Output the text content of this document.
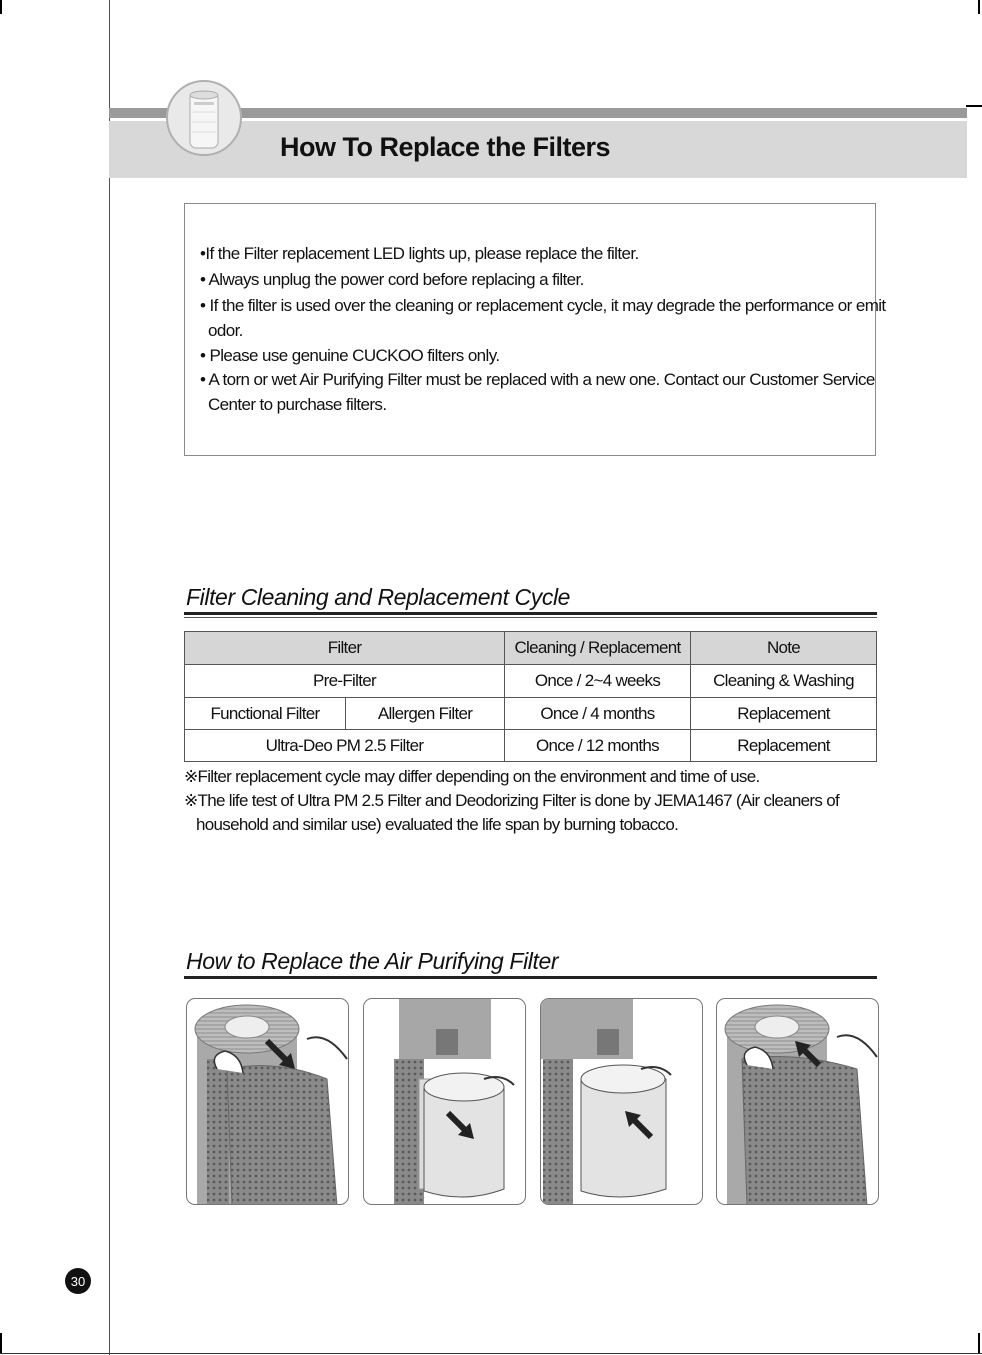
How To Replace the Filters
•If the Filter replacement LED lights up, please replace the filter.
• Always unplug the power cord before replacing a filter.
• If the filter is used over the cleaning or replacement cycle, it may degrade the performance or emit
odor.
• Please use genuine CUCKOO filters only.
• A torn or wet Air Purifying Filter must be replaced with a new one. Contact our Customer Service
Center to purchase filters.
Filter Cleaning and Replacement Cycle
Filter	Cleaning / Replacement	Note
Pre-Filter	Once / 2~4 weeks	Cleaning & Washing
Functional Filter	Allergen Filter	Once / 4 months	Replacement
Ultra-Deo PM 2.5 Filter	Once / 12 months	Replacement
※Filter replacement cycle may differ depending on the environment and time of use.
※The life test of Ultra PM 2.5 Filter and Deodorizing Filter is done by JEMA1467 (Air cleaners of
household and similar use) evaluated the life span by burning tobacco.
How to Replace the Air Purifying Filter
30
